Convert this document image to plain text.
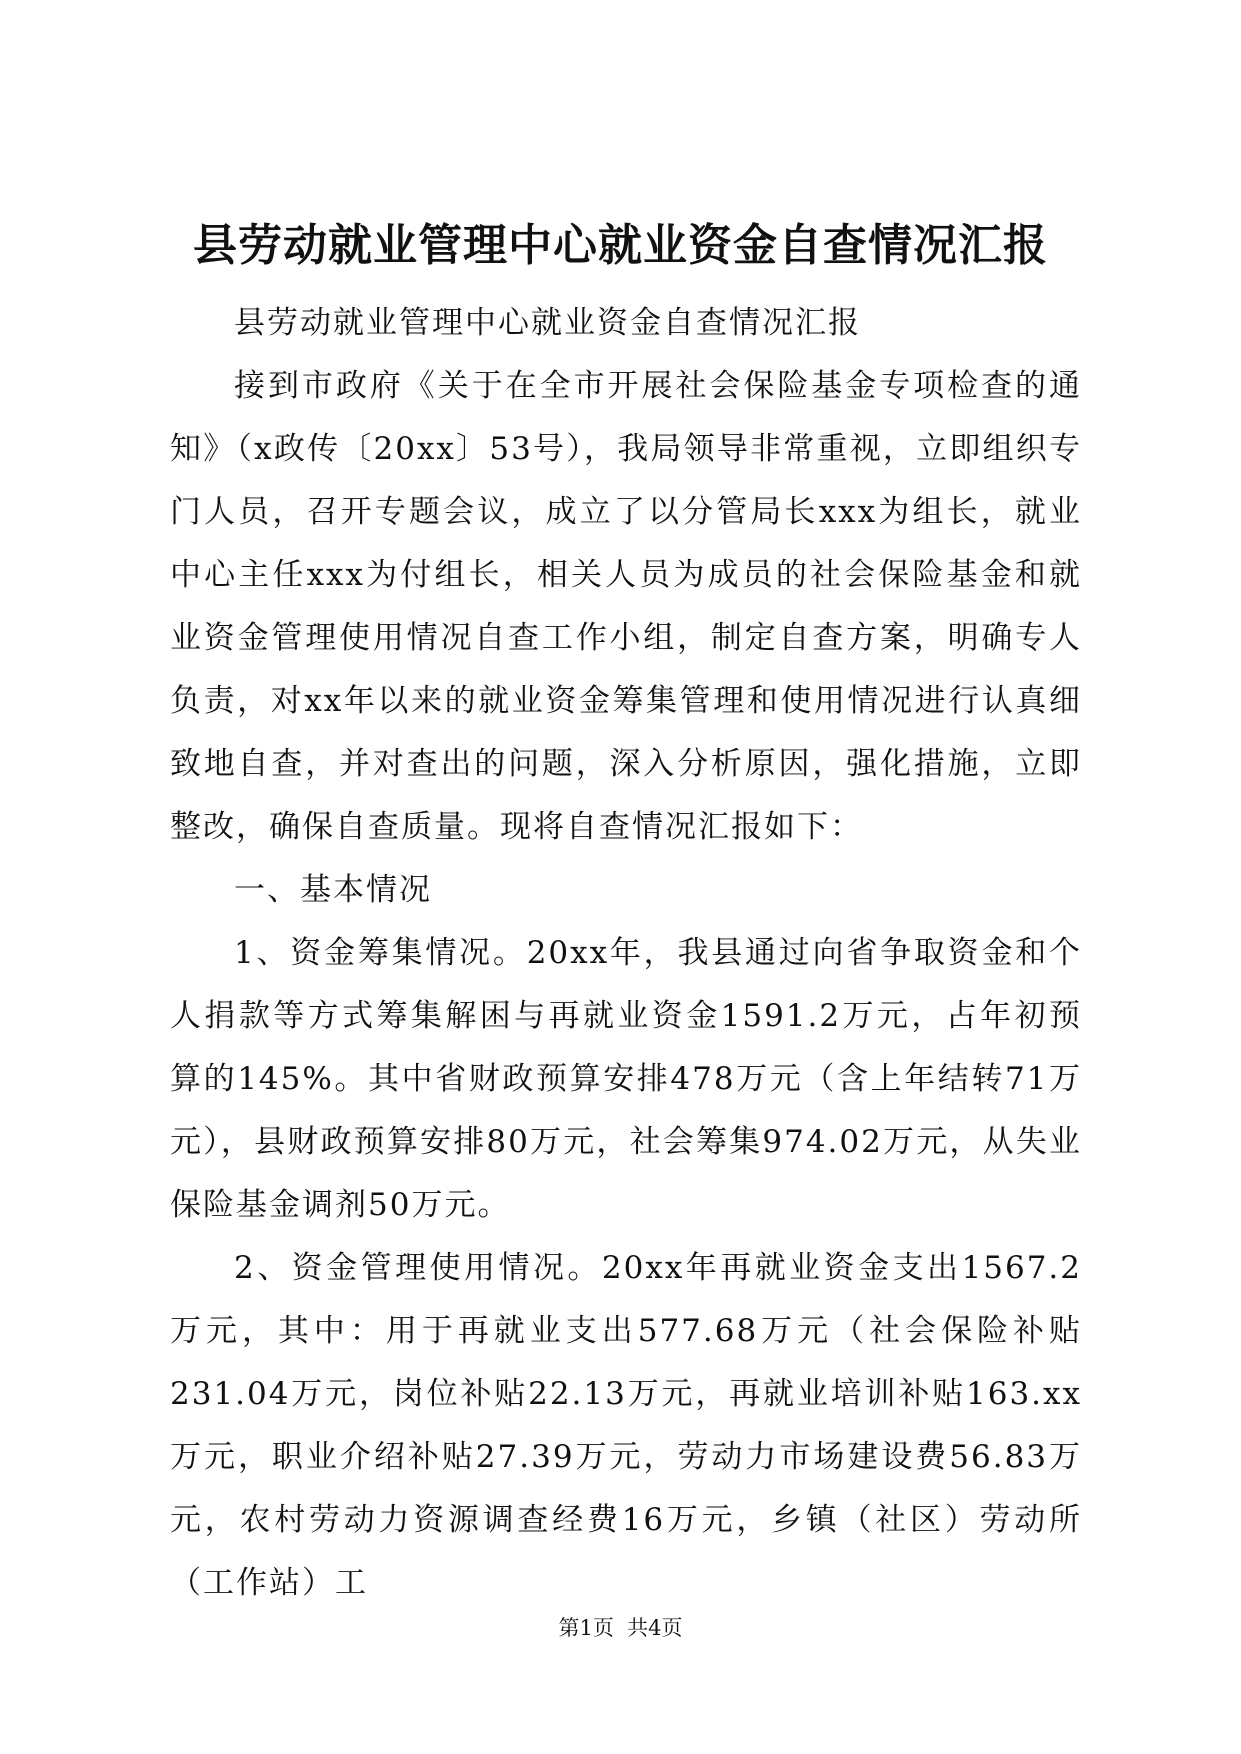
县劳动就业管理中心就业资金自查情况汇报

县劳动就业管理中心就业资金自查情况汇报

接到市政府《关于在全市开展社会保险基金专项检查的通知》（x政传〔20xx〕53号），我局领导非常重视，立即组织专门人员，召开专题会议，成立了以分管局长xxx为组长，就业中心主任xxx为付组长，相关人员为成员的社会保险基金和就业资金管理使用情况自查工作小组，制定自查方案，明确专人负责，对xx年以来的就业资金筹集管理和使用情况进行认真细致地自查，并对查出的问题，深入分析原因，强化措施，立即整改，确保自查质量。现将自查情况汇报如下：

一、基本情况

1、资金筹集情况。20xx年，我县通过向省争取资金和个人捐款等方式筹集解困与再就业资金1591.2万元，占年初预算的145%。其中省财政预算安排478万元（含上年结转71万元），县财政预算安排80万元，社会筹集974.02万元，从失业保险基金调剂50万元。

2、资金管理使用情况。20xx年再就业资金支出1567.2万元，其中：用于再就业支出577.68万元（社会保险补贴231.04万元，岗位补贴22.13万元，再就业培训补贴163.xx万元，职业介绍补贴27.39万元，劳动力市场建设费56.83万元，农村劳动力资源调查经费16万元，乡镇（社区）劳动所（工作站）工

第1页  共4页
